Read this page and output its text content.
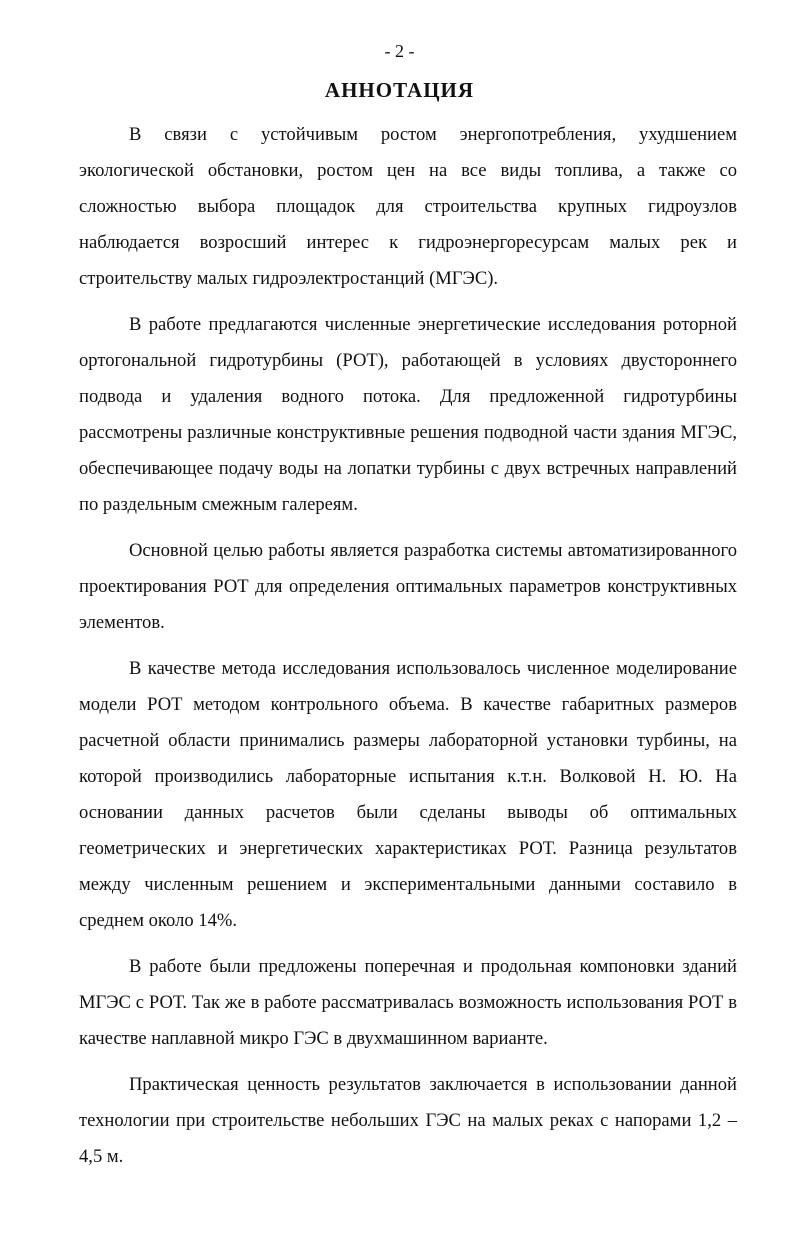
- 2 -
АННОТАЦИЯ

В связи с устойчивым ростом энергопотребления, ухудшением экологической обстановки, ростом цен на все виды топлива, а также со сложностью выбора площадок для строительства крупных гидроузлов наблюдается возросший интерес к гидроэнергоресурсам малых рек и строительству малых гидроэлектростанций (МГЭС).

В работе предлагаются численные энергетические исследования роторной ортогональной гидротурбины (РОТ), работающей в условиях двустороннего подвода и удаления водного потока. Для предложенной гидротурбины рассмотрены различные конструктивные решения подводной части здания МГЭС, обеспечивающее подачу воды на лопатки турбины с двух встречных направлений по раздельным смежным галереям.

Основной целью работы является разработка системы автоматизированного проектирования РОТ для определения оптимальных параметров конструктивных элементов.

В качестве метода исследования использовалось численное моделирование модели РОТ методом контрольного объема. В качестве габаритных размеров расчетной области принимались размеры лабораторной установки турбины, на которой производились лабораторные испытания к.т.н. Волковой Н. Ю. На основании данных расчетов были сделаны выводы об оптимальных геометрических и энергетических характеристиках РОТ. Разница результатов между численным решением и экспериментальными данными составило в среднем около 14%.

В работе были предложены поперечная и продольная компоновки зданий МГЭС с РОТ. Так же в работе рассматривалась возможность использования РОТ в качестве наплавной микро ГЭС в двухмашинном варианте.

Практическая ценность результатов заключается в использовании данной технологии при строительстве небольших ГЭС на малых реках с напорами 1,2 – 4,5 м.
